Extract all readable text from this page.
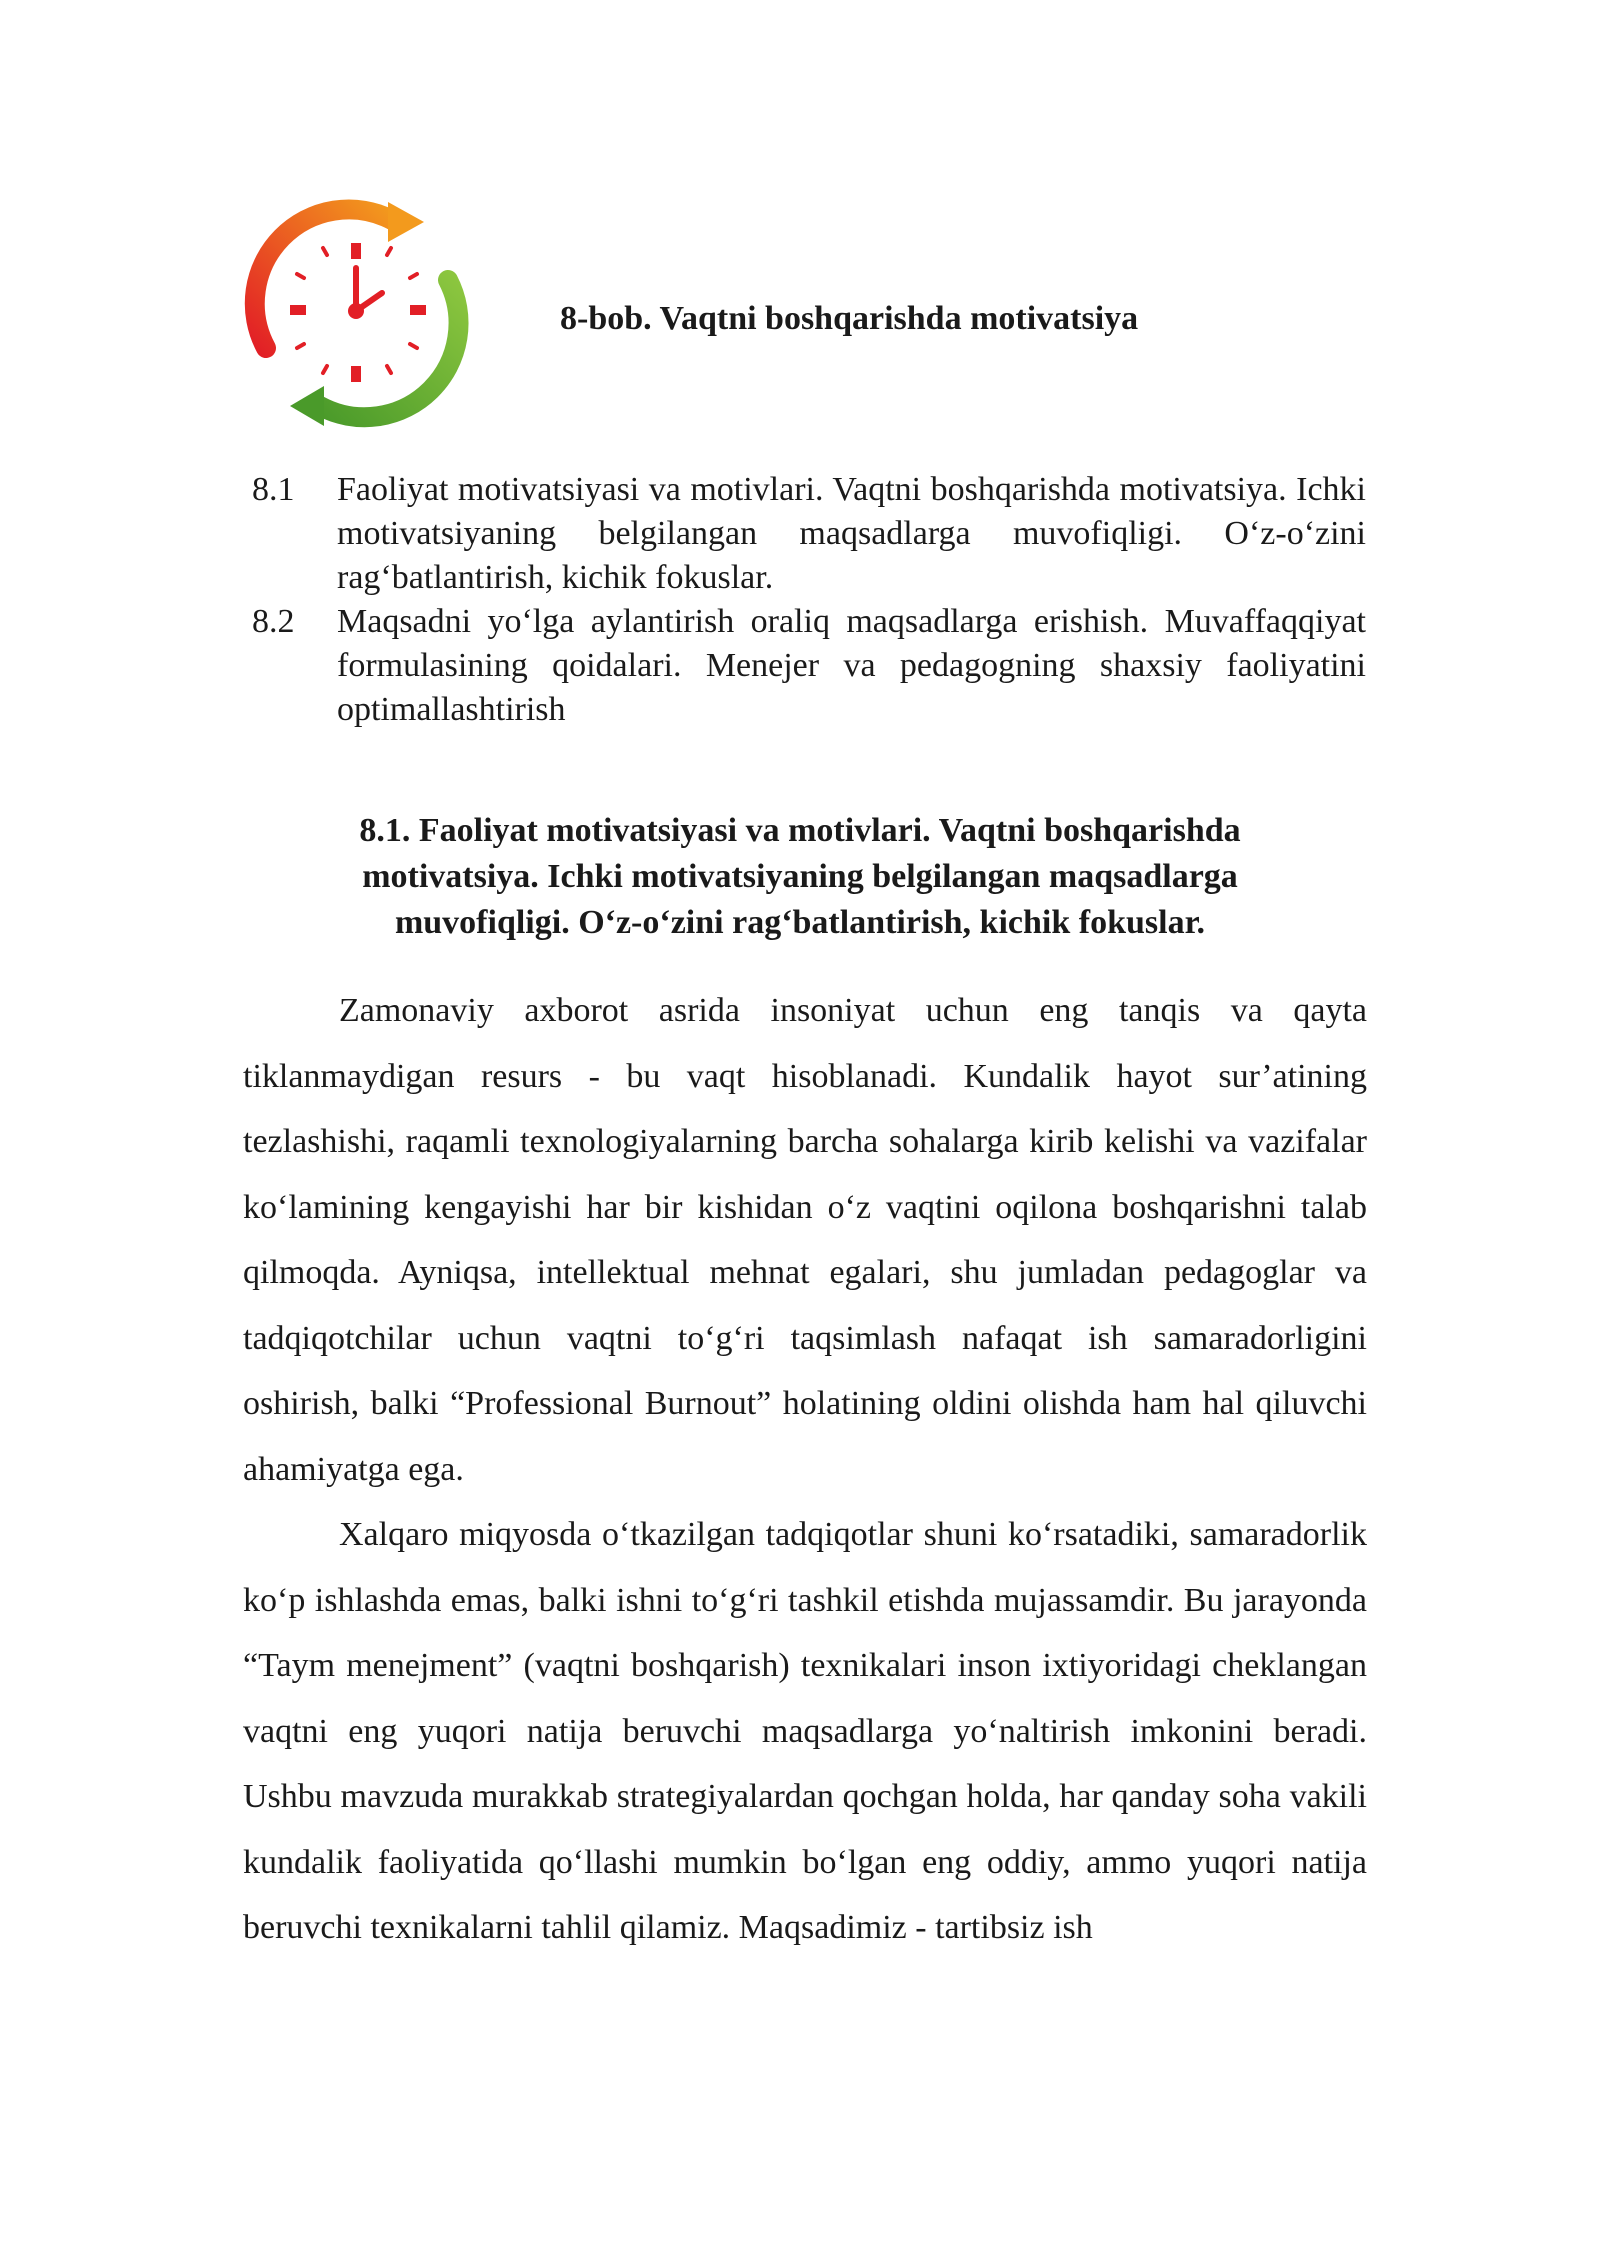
8-bob. Vaqtni boshqarishda motivatsiya
8.1	Faoliyat motivatsiyasi va motivlari. Vaqtni boshqarishda motivatsiya. Ichki motivatsiyaning belgilangan maqsadlarga muvofiqligi. O‘z-o‘zini rag‘batlantirish, kichik fokuslar.
8.2	Maqsadni yo‘lga aylantirish oraliq maqsadlarga erishish. Muvaffaqqiyat formulasining qoidalari. Menejer va pedagogning shaxsiy faoliyatini optimallashtirish
8.1. Faoliyat motivatsiyasi va motivlari. Vaqtni boshqarishda
motivatsiya. Ichki motivatsiyaning belgilangan maqsadlarga
muvofiqligi. O‘z-o‘zini rag‘batlantirish, kichik fokuslar.

Zamonaviy axborot asrida insoniyat uchun eng tanqis va qayta tiklanmaydigan resurs - bu vaqt hisoblanadi. Kundalik hayot sur’atining tezlashishi, raqamli texnologiyalarning barcha sohalarga kirib kelishi va vazifalar ko‘lamining kengayishi har bir kishidan o‘z vaqtini oqilona boshqarishni talab qilmoqda. Ayniqsa, intellektual mehnat egalari, shu jumladan pedagoglar va tadqiqotchilar uchun vaqtni to‘g‘ri taqsimlash nafaqat ish samaradorligini oshirish, balki “Professional Burnout” holatining oldini olishda ham hal qiluvchi ahamiyatga ega.

Xalqaro miqyosda o‘tkazilgan tadqiqotlar shuni ko‘rsatadiki, samaradorlik ko‘p ishlashda emas, balki ishni to‘g‘ri tashkil etishda mujassamdir. Bu jarayonda “Taym menejment” (vaqtni boshqarish) texnikalari inson ixtiyoridagi cheklangan vaqtni eng yuqori natija beruvchi maqsadlarga yo‘naltirish imkonini beradi. Ushbu mavzuda murakkab strategiyalardan qochgan holda, har qanday soha vakili kundalik faoliyatida qo‘llashi mumkin bo‘lgan eng oddiy, ammo yuqori natija beruvchi texnikalarni tahlil qilamiz. Maqsadimiz - tartibsiz ish
